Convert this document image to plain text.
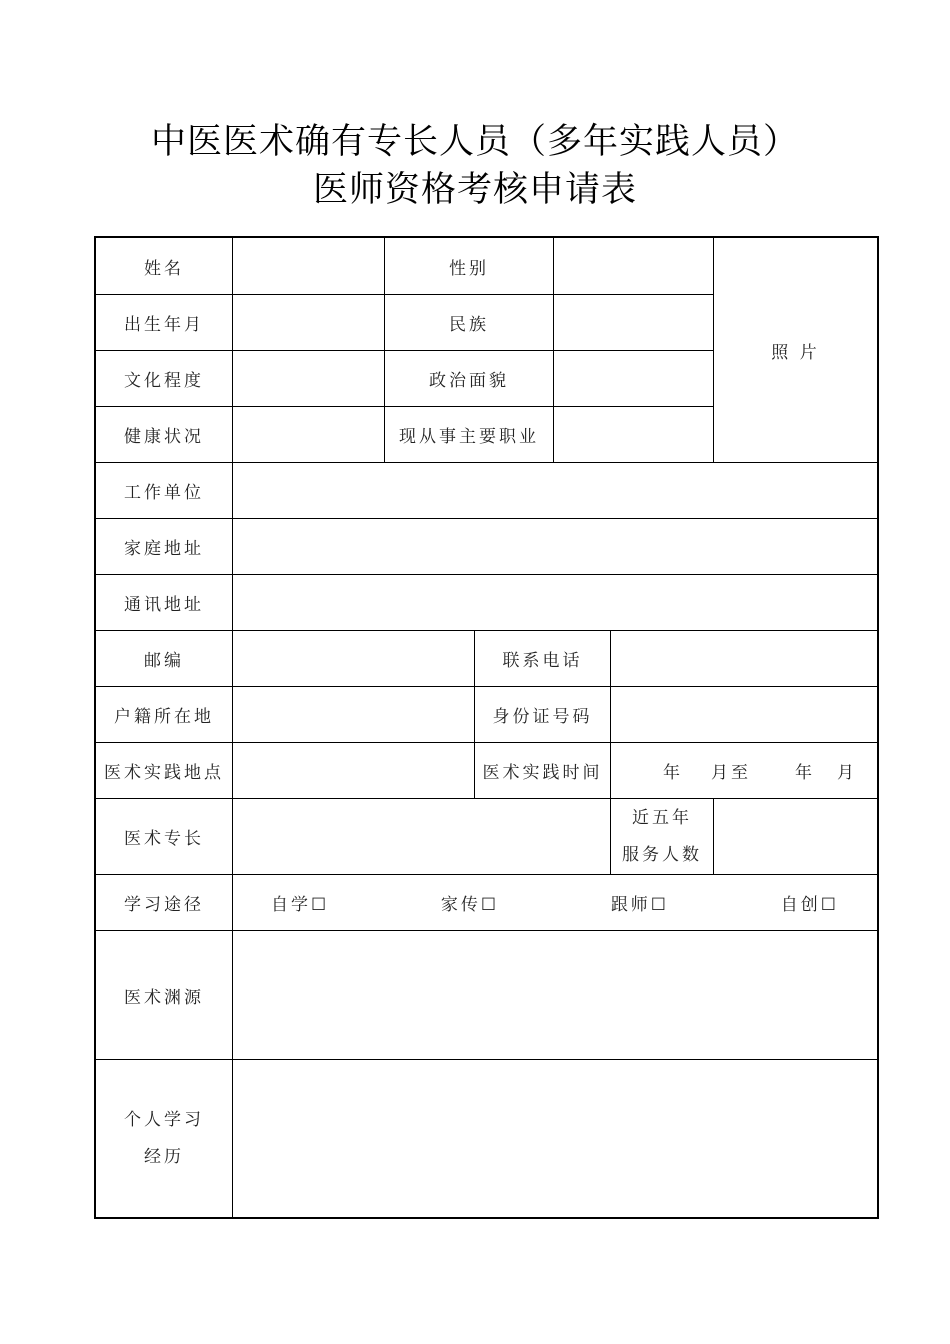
中医医术确有专长人员（多年实践人员）
医师资格考核申请表
姓名		性别				照 片
出生年月		民族				
文化程度		政治面貌				
健康状况		现从事主要职业				
工作单位						
家庭地址						
通讯地址						
邮编			联系电话			
户籍所在地			身份证号码			
医术实践地点			医术实践时间		年 月至 年 月	

医术专长					近五年
服务人数	

学习途径	自学☐ 家传☐ 跟师☐ 自创☐					

医术渊源						

个人学习
经历						
